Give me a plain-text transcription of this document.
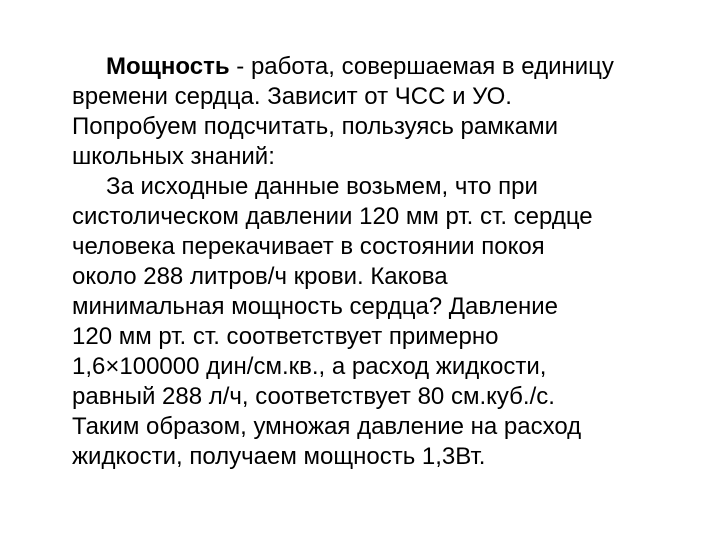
Мощность - работа, совершаемая в единицу
времени сердца. Зависит от ЧСС и УО.
Попробуем подсчитать, пользуясь рамками
школьных знаний:
За исходные данные возьмем, что при
систолическом давлении 120 мм рт. ст. сердце
человека перекачивает в состоянии покоя
около 288 литров/ч крови. Какова
минимальная мощность сердца? Давление
120 мм рт. ст. соответствует примерно
1,6×100000 дин/см.кв., а расход жидкости,
равный 288 л/ч, соответствует 80 см.куб./с.
Таким образом, умножая давление на расход
жидкости, получаем мощность 1,3Вт.
